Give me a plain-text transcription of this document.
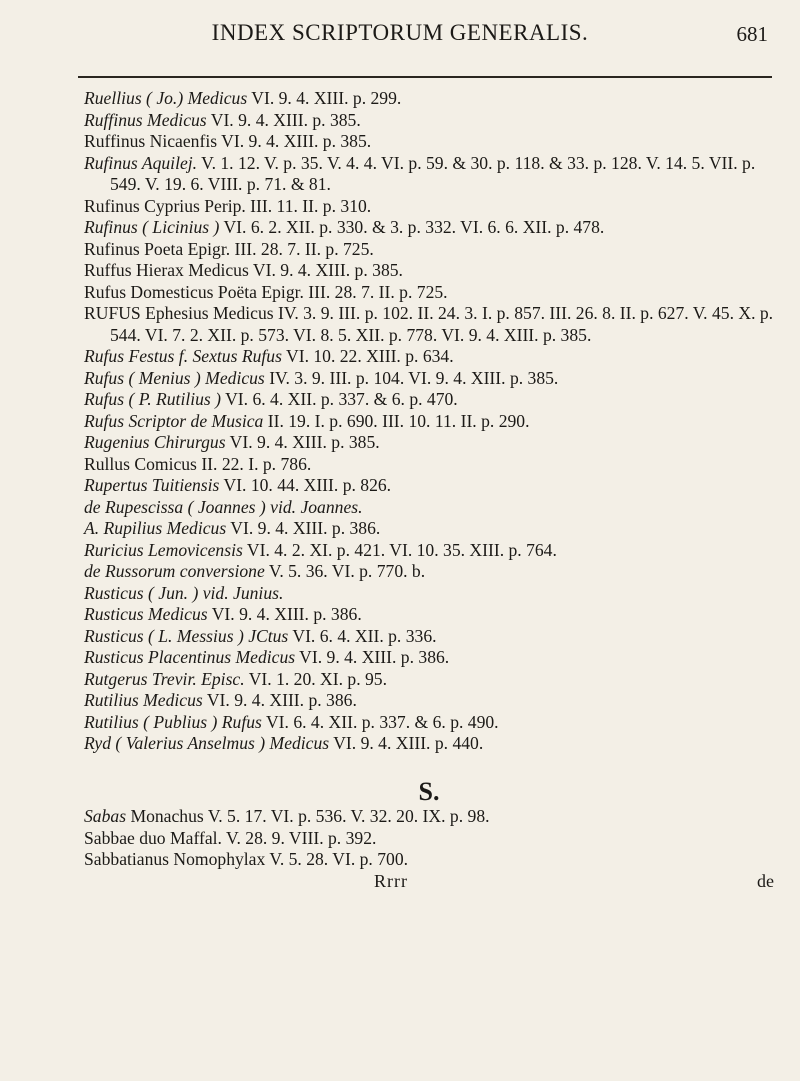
INDEX SCRIPTORUM GENERALIS.	681
Ruellius ( Jo.) Medicus VI. 9. 4. XIII. p. 299.
Ruffinus Medicus VI. 9. 4. XIII. p. 385.
Ruffinus Nicaenfis VI. 9. 4. XIII. p. 385.
Rufinus Aquilej. V. 1. 12. V. p. 35. V. 4. 4. VI. p. 59. & 30. p. 118. & 33. p. 128. V. 14. 5. VII. p. 549. V. 19. 6. VIII. p. 71. & 81.
Rufinus Cyprius Perip. III. 11. II. p. 310.
Rufinus ( Licinius ) VI. 6. 2. XII. p. 330. & 3. p. 332. VI. 6. 6. XII. p. 478.
Rufinus Poeta Epigr. III. 28. 7. II. p. 725.
Ruffus Hierax Medicus VI. 9. 4. XIII. p. 385.
Rufus Domesticus Poëta Epigr. III. 28. 7. II. p. 725.
RUFUS Ephesius Medicus IV. 3. 9. III. p. 102. II. 24. 3. I. p. 857. III. 26. 8. II. p. 627. V. 45. X. p. 544. VI. 7. 2. XII. p. 573. VI. 8. 5. XII. p. 778. VI. 9. 4. XIII. p. 385.
Rufus Festus f. Sextus Rufus VI. 10. 22. XIII. p. 634.
Rufus ( Menius ) Medicus IV. 3. 9. III. p. 104. VI. 9. 4. XIII. p. 385.
Rufus ( P. Rutilius ) VI. 6. 4. XII. p. 337. & 6. p. 470.
Rufus Scriptor de Musica II. 19. I. p. 690. III. 10. 11. II. p. 290.
Rugenius Chirurgus VI. 9. 4. XIII. p. 385.
Rullus Comicus II. 22. I. p. 786.
Rupertus Tuitiensis VI. 10. 44. XIII. p. 826.
de Rupescissa ( Joannes ) vid. Joannes.
A. Rupilius Medicus VI. 9. 4. XIII. p. 386.
Ruricius Lemovicensis VI. 4. 2. XI. p. 421. VI. 10. 35. XIII. p. 764.
de Russorum conversione V. 5. 36. VI. p. 770. b.
Rusticus ( Jun. ) vid. Junius.
Rusticus Medicus VI. 9. 4. XIII. p. 386.
Rusticus ( L. Messius ) JCtus VI. 6. 4. XII. p. 336.
Rusticus Placentinus Medicus VI. 9. 4. XIII. p. 386.
Rutgerus Trevir. Episc. VI. 1. 20. XI. p. 95.
Rutilius Medicus VI. 9. 4. XIII. p. 386.
Rutilius ( Publius ) Rufus VI. 6. 4. XII. p. 337. & 6. p. 490.
Ryd ( Valerius Anselmus ) Medicus VI. 9. 4. XIII. p. 440.
S.
Sabas Monachus V. 5. 17. VI. p. 536. V. 32. 20. IX. p. 98.
Sabbae duo Maffal. V. 28. 9. VIII. p. 392.
Sabbatianus Nomophylax V. 5. 28. VI. p. 700.
Rrrr	de
